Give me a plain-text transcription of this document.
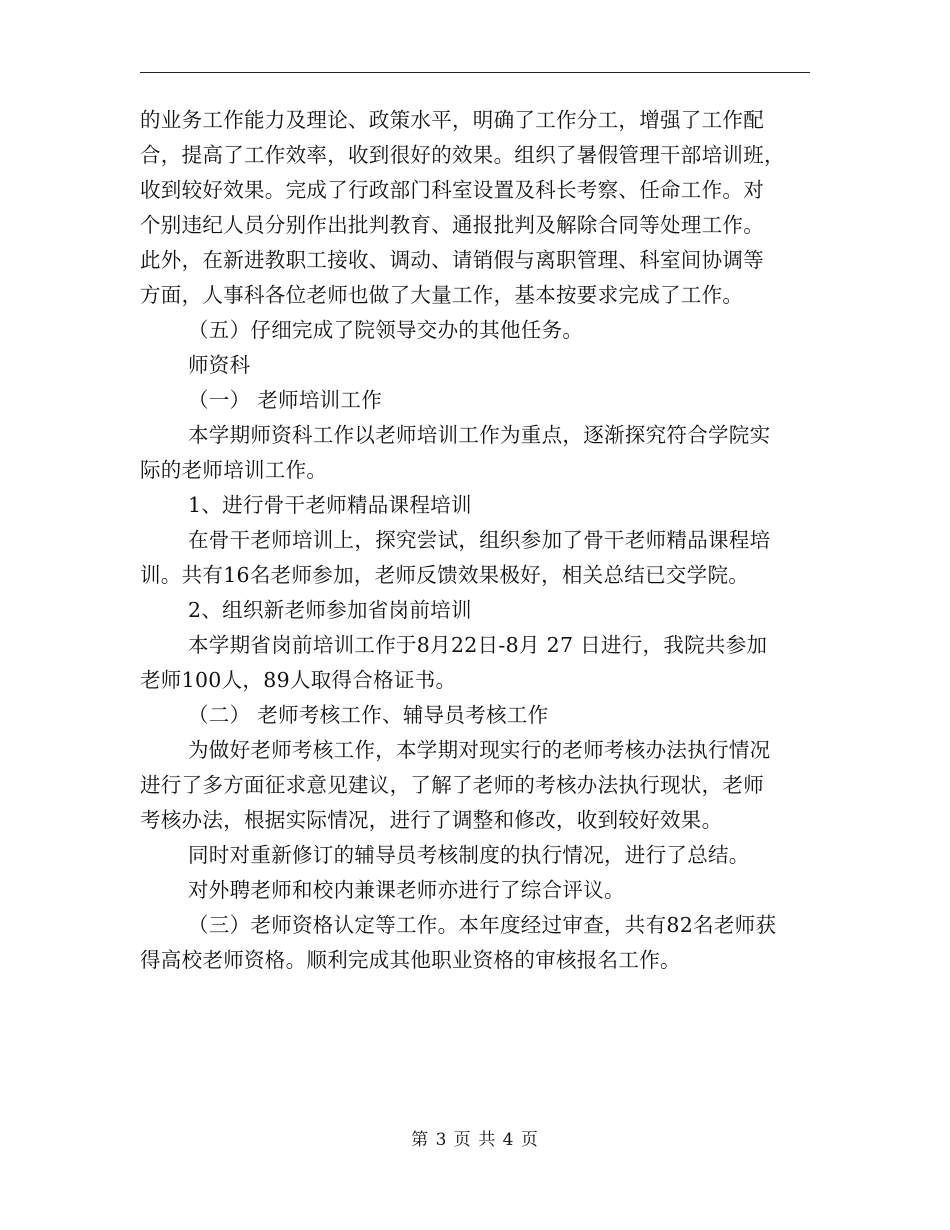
的业务工作能力及理论、政策水平，明确了工作分工，增强了工作配
合，提高了工作效率，收到很好的效果。组织了暑假管理干部培训班，
收到较好效果。完成了行政部门科室设置及科长考察、任命工作。对
个别违纪人员分别作出批判教育、通报批判及解除合同等处理工作。
此外，在新进教职工接收、调动、请销假与离职管理、科室间协调等
方面，人事科各位老师也做了大量工作，基本按要求完成了工作。
（五）仔细完成了院领导交办的其他任务。
师资科
（一） 老师培训工作
本学期师资科工作以老师培训工作为重点，逐渐探究符合学院实
际的老师培训工作。
1、进行骨干老师精品课程培训
在骨干老师培训上，探究尝试，组织参加了骨干老师精品课程培
训。共有16名老师参加，老师反馈效果极好，相关总结已交学院。
2、组织新老师参加省岗前培训
本学期省岗前培训工作于8月22日-8月 27 日进行，我院共参加
老师100人，89人取得合格证书。
（二） 老师考核工作、辅导员考核工作
为做好老师考核工作，本学期对现实行的老师考核办法执行情况
进行了多方面征求意见建议，了解了老师的考核办法执行现状，老师
考核办法，根据实际情况，进行了调整和修改，收到较好效果。
同时对重新修订的辅导员考核制度的执行情况，进行了总结。
对外聘老师和校内兼课老师亦进行了综合评议。
（三）老师资格认定等工作。本年度经过审查，共有82名老师获
得高校老师资格。顺利完成其他职业资格的审核报名工作。
第 3 页 共 4 页
